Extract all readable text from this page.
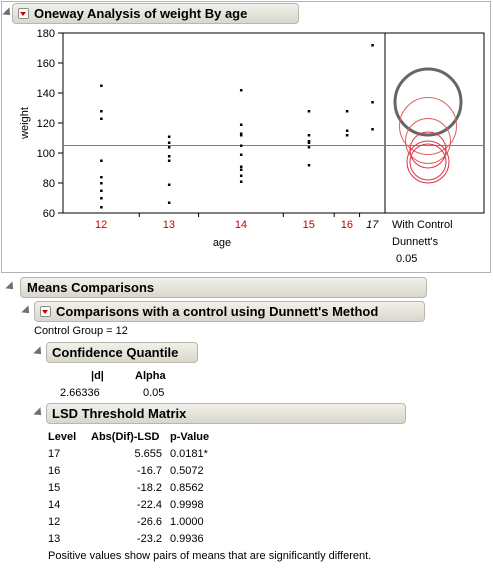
Oneway Analysis of weight By age
60
80
100
120
140
160
180
12	13	14	15 16 17
weight
age
With Control
Dunnett's
0.05
Means Comparisons
Comparisons with a control using Dunnett's Method
Control Group = 12
Confidence Quantile
|d|	Alpha
2.66336	0.05
LSD Threshold Matrix
Level Abs(Dif)-LSD p-Value
17	5.655 0.0181*
16	-16.7 0.5072
15	-18.2 0.8562
14	-22.4 0.9998
12	-26.6 1.0000
13	-23.2 0.9936
Positive values show pairs of means that are significantly different.
